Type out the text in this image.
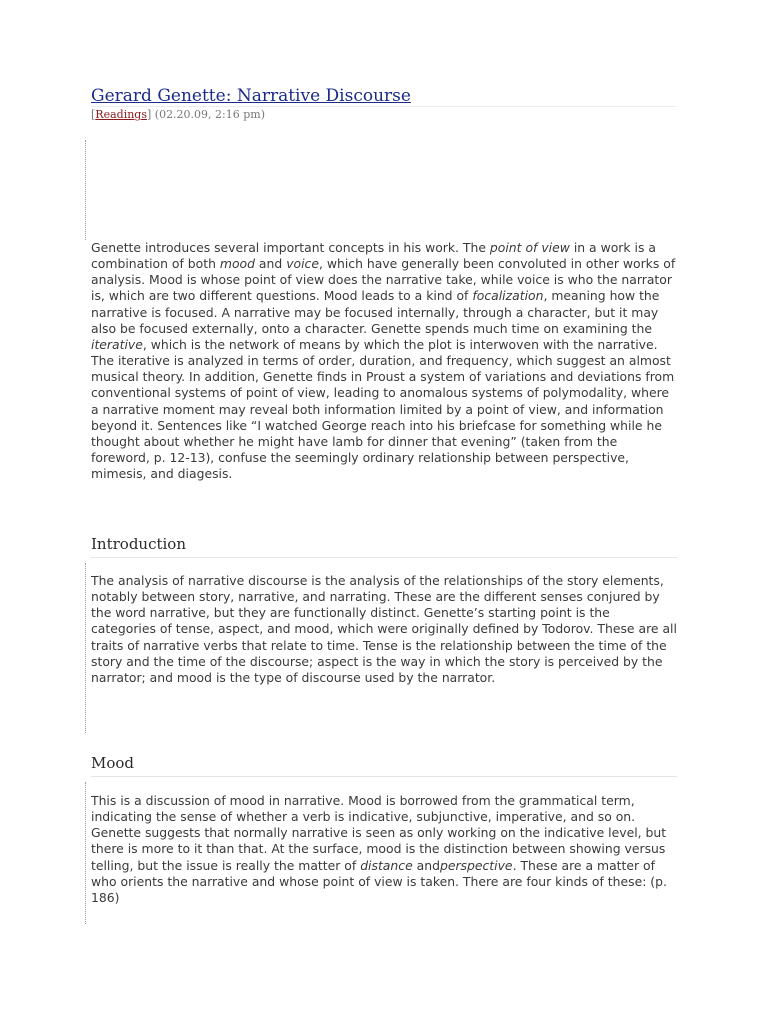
Gerard Genette: Narrative Discourse
[Readings] (02.20.09, 2:16 pm)

Genette introduces several important concepts in his work. The point of view in a work is a combination of both mood and voice, which have generally been convoluted in other works of analysis. Mood is whose point of view does the narrative take, while voice is who the narrator is, which are two different questions. Mood leads to a kind of focalization, meaning how the narrative is focused. A narrative may be focused internally, through a character, but it may also be focused externally, onto a character. Genette spends much time on examining the iterative, which is the network of means by which the plot is interwoven with the narrative. The iterative is analyzed in terms of order, duration, and frequency, which suggest an almost musical theory. In addition, Genette finds in Proust a system of variations and deviations from conventional systems of point of view, leading to anomalous systems of polymodality, where a narrative moment may reveal both information limited by a point of view, and information beyond it. Sentences like “I watched George reach into his briefcase for something while he thought about whether he might have lamb for dinner that evening” (taken from the foreword, p. 12-13), confuse the seemingly ordinary relationship between perspective, mimesis, and diagesis.

Introduction

The analysis of narrative discourse is the analysis of the relationships of the story elements, notably between story, narrative, and narrating. These are the different senses conjured by the word narrative, but they are functionally distinct. Genette’s starting point is the categories of tense, aspect, and mood, which were originally defined by Todorov. These are all traits of narrative verbs that relate to time. Tense is the relationship between the time of the story and the time of the discourse; aspect is the way in which the story is perceived by the narrator; and mood is the type of discourse used by the narrator.

Mood

This is a discussion of mood in narrative. Mood is borrowed from the grammatical term, indicating the sense of whether a verb is indicative, subjunctive, imperative, and so on. Genette suggests that normally narrative is seen as only working on the indicative level, but there is more to it than that. At the surface, mood is the distinction between showing versus telling, but the issue is really the matter of distance andperspective. These are a matter of who orients the narrative and whose point of view is taken. There are four kinds of these: (p. 186)
